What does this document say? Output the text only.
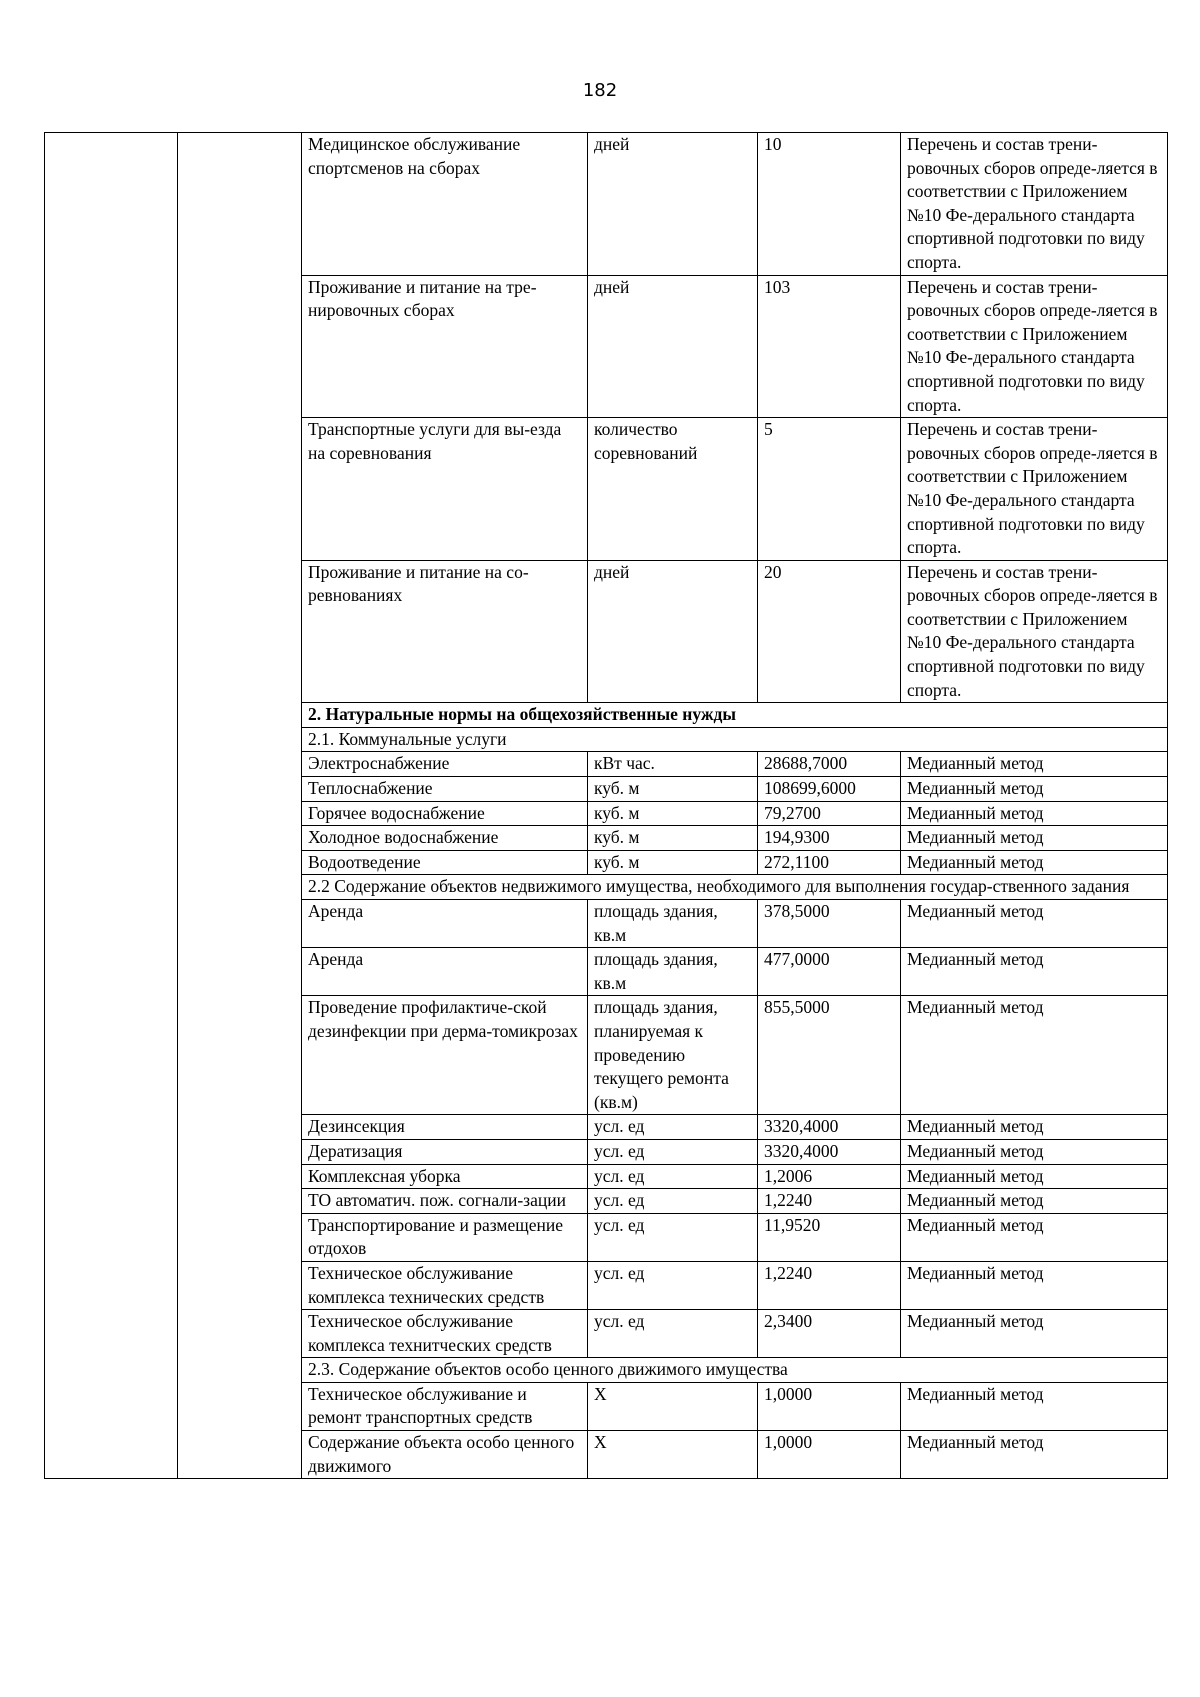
182
		Медицинское обслуживание спортсменов на сборах	дней	10	Перечень и состав трени-ровочных сборов опреде-ляется в соответствии с Приложением №10 Фе-дерального стандарта спортивной подготовки по виду спорта.
		Проживание и питание на тре-нировочных сборах	дней	103	Перечень и состав трени-ровочных сборов опреде-ляется в соответствии с Приложением №10 Фе-дерального стандарта спортивной подготовки по виду спорта.
		Транспортные услуги для вы-езда на соревнования	количество соревнований	5	Перечень и состав трени-ровочных сборов опреде-ляется в соответствии с Приложением №10 Фе-дерального стандарта спортивной подготовки по виду спорта.
		Проживание и питание на со-ревнованиях	дней	20	Перечень и состав трени-ровочных сборов опреде-ляется в соответствии с Приложением №10 Фе-дерального стандарта спортивной подготовки по виду спорта.
		2. Натуральные нормы на общехозяйственные нужды			
		2.1. Коммунальные услуги			
		Электроснабжение	кВт час.	28688,7000	Медианный метод
		Теплоснабжение	куб. м	108699,6000	Медианный метод
		Горячее водоснабжение	куб. м	79,2700	Медианный метод
		Холодное водоснабжение	куб. м	194,9300	Медианный метод
		Водоотведение	куб. м	272,1100	Медианный метод
		2.2 Содержание объектов недвижимого имущества, необходимого для выполнения государ-ственного задания			
		Аренда	площадь здания, кв.м	378,5000	Медианный метод
		Аренда	площадь здания, кв.м	477,0000	Медианный метод
		Проведение профилактиче-ской дезинфекции при дерма-томикрозах	площадь здания, планируемая к проведению текущего ремонта (кв.м)	855,5000	Медианный метод
		Дезинсекция	усл. ед	3320,4000	Медианный метод
		Дератизация	усл. ед	3320,4000	Медианный метод
		Комплексная уборка	усл. ед	1,2006	Медианный метод
		ТО автоматич. пож. согнали-зации	усл. ед	1,2240	Медианный метод
		Транспортирование и размещение отдохов	усл. ед	11,9520	Медианный метод
		Техническое обслуживание комплекса технических средств	усл. ед	1,2240	Медианный метод
		Техническое обслуживание комплекса технитческих средств	усл. ед	2,3400	Медианный метод
		2.3. Содержание объектов особо ценного движимого имущества			
		Техническое обслуживание и ремонт транспортных средств	Х	1,0000	Медианный метод
		Содержание объекта особо ценного движимого	Х	1,0000	Медианный метод
